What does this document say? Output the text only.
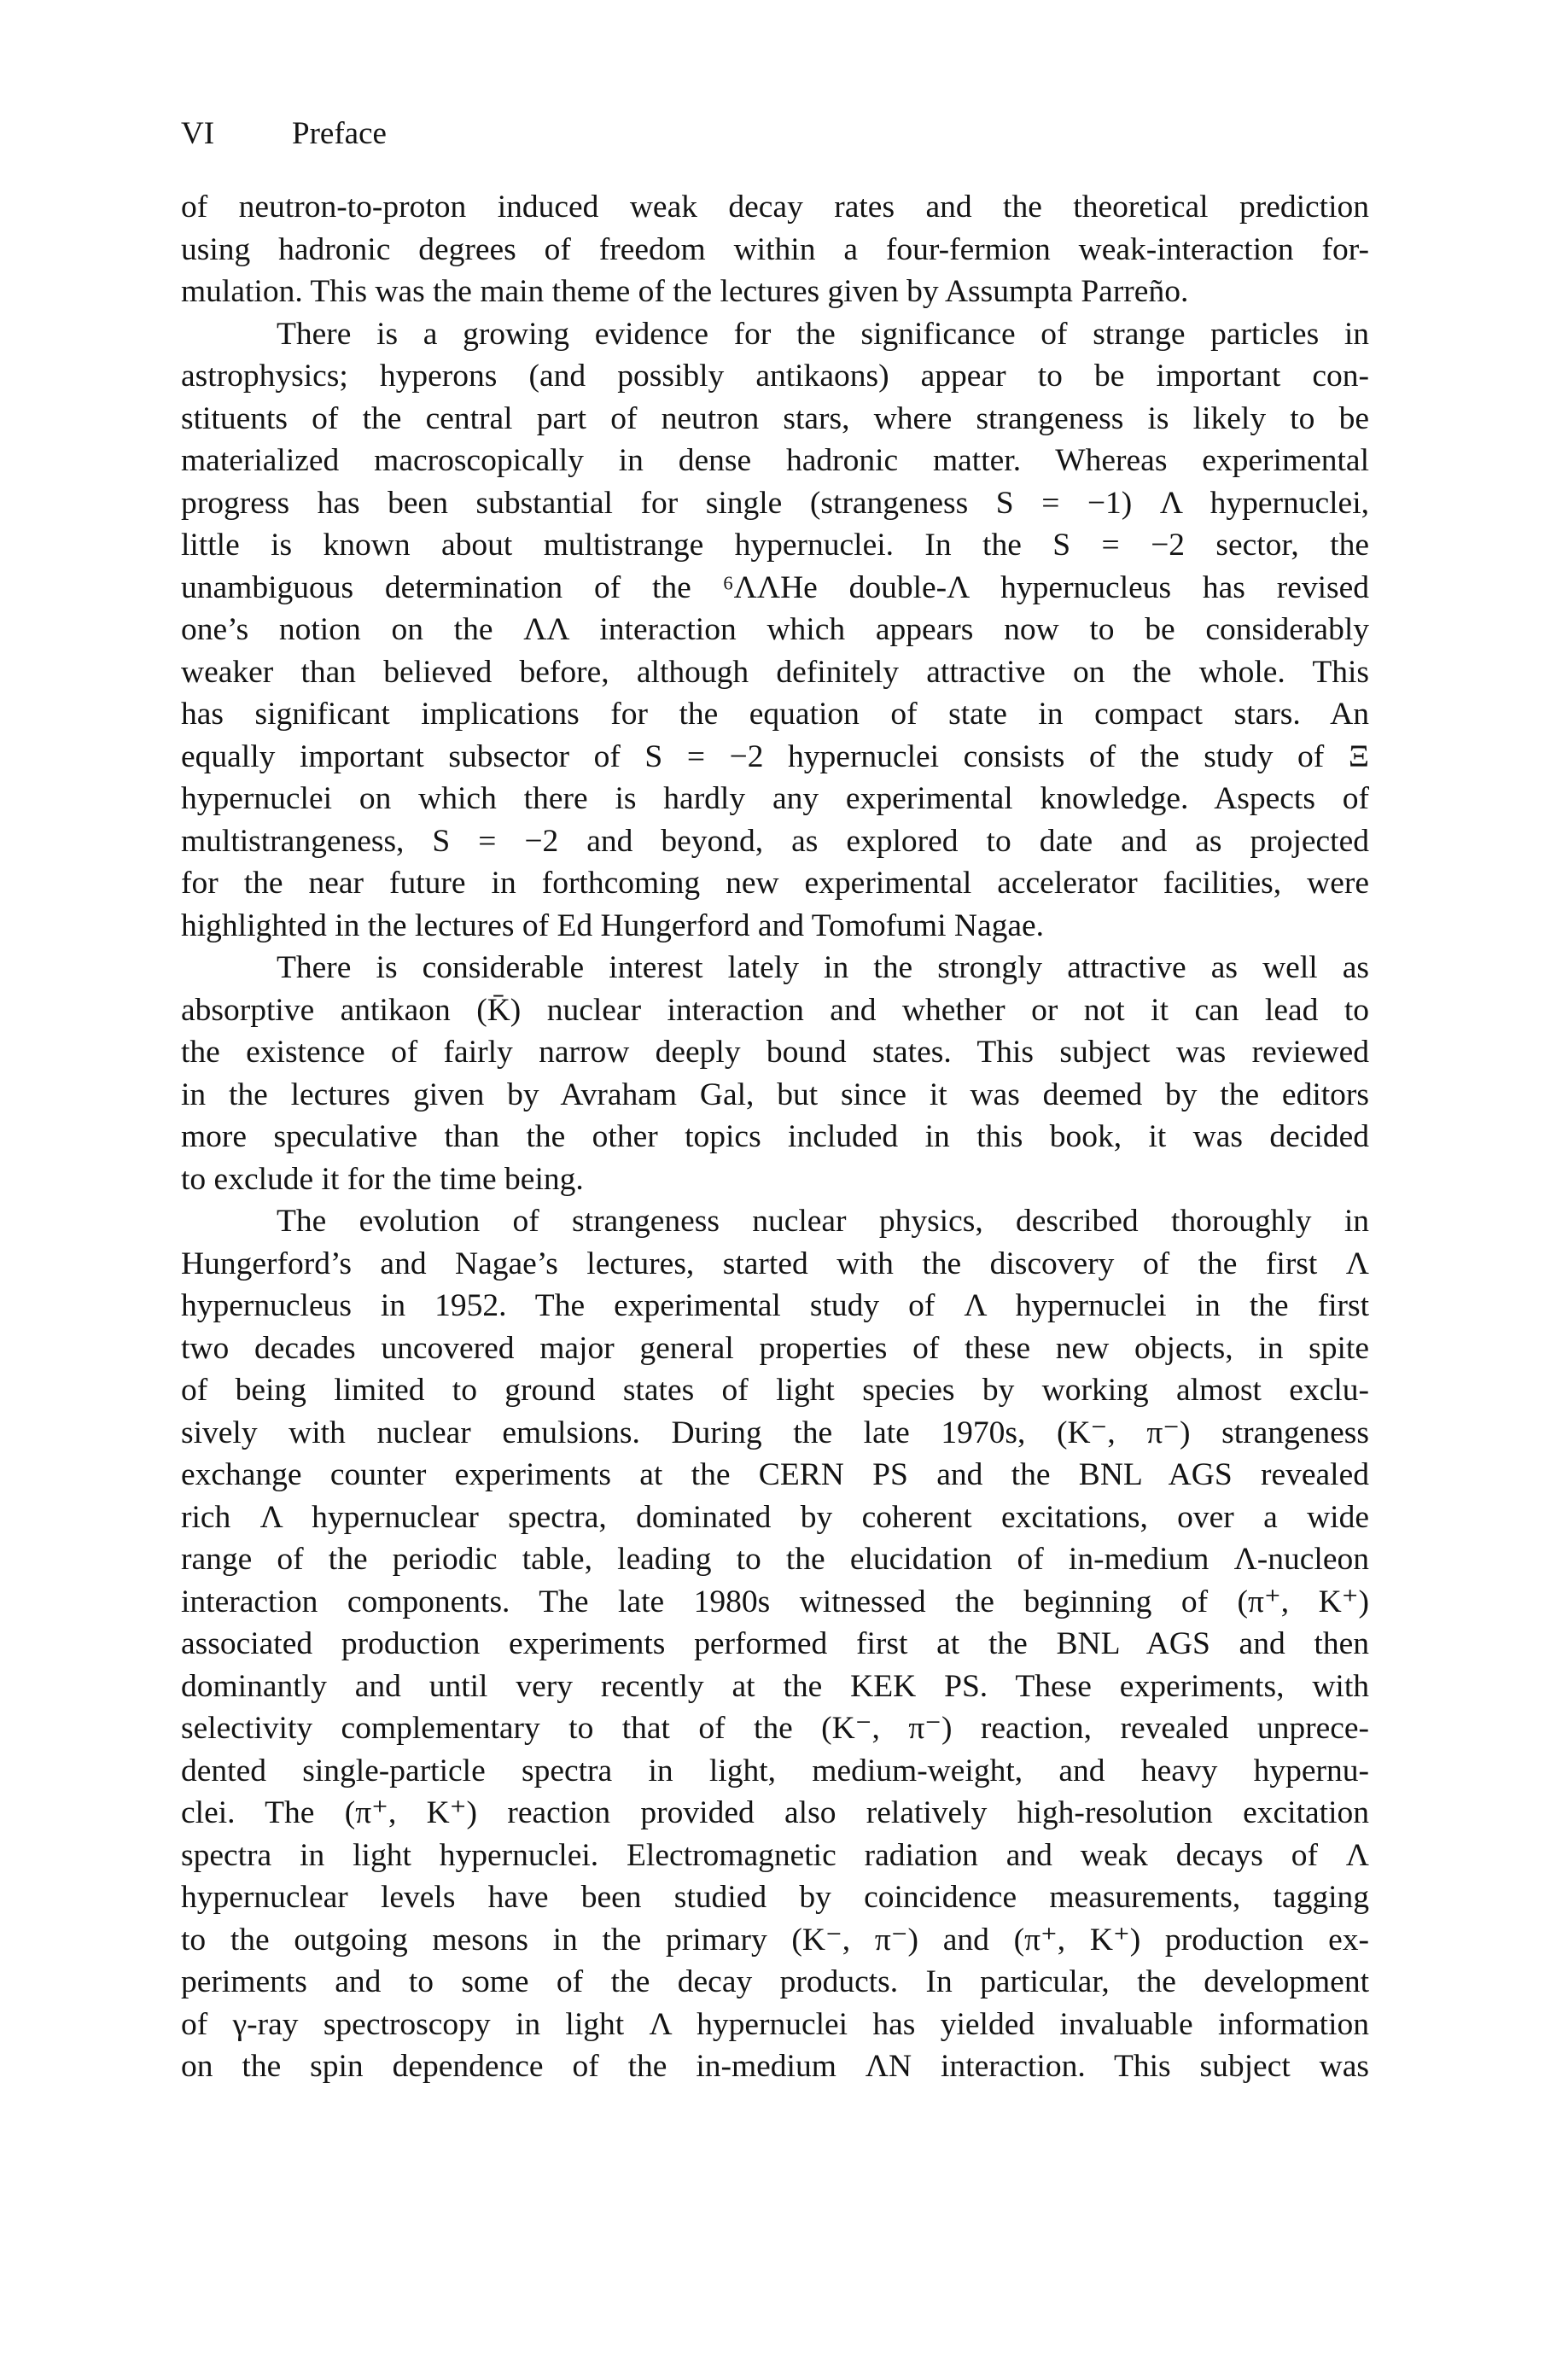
VI Preface
of neutron-to-proton induced weak decay rates and the theoretical prediction
using hadronic degrees of freedom within a four-fermion weak-interaction for-
mulation. This was the main theme of the lectures given by Assumpta Parreño.
There is a growing evidence for the significance of strange particles in
astrophysics; hyperons (and possibly antikaons) appear to be important con-
stituents of the central part of neutron stars, where strangeness is likely to be
materialized macroscopically in dense hadronic matter. Whereas experimental
progress has been substantial for single (strangeness S = −1) Λ hypernuclei,
little is known about multistrange hypernuclei. In the S = −2 sector, the
unambiguous determination of the ⁶ΛΛHe double-Λ hypernucleus has revised
one’s notion on the ΛΛ interaction which appears now to be considerably
weaker than believed before, although definitely attractive on the whole. This
has significant implications for the equation of state in compact stars. An
equally important subsector of S = −2 hypernuclei consists of the study of Ξ
hypernuclei on which there is hardly any experimental knowledge. Aspects of
multistrangeness, S = −2 and beyond, as explored to date and as projected
for the near future in forthcoming new experimental accelerator facilities, were
highlighted in the lectures of Ed Hungerford and Tomofumi Nagae.
There is considerable interest lately in the strongly attractive as well as
absorptive antikaon (K̄) nuclear interaction and whether or not it can lead to
the existence of fairly narrow deeply bound states. This subject was reviewed
in the lectures given by Avraham Gal, but since it was deemed by the editors
more speculative than the other topics included in this book, it was decided
to exclude it for the time being.
The evolution of strangeness nuclear physics, described thoroughly in
Hungerford’s and Nagae’s lectures, started with the discovery of the first Λ
hypernucleus in 1952. The experimental study of Λ hypernuclei in the first
two decades uncovered major general properties of these new objects, in spite
of being limited to ground states of light species by working almost exclu-
sively with nuclear emulsions. During the late 1970s, (K⁻, π⁻) strangeness
exchange counter experiments at the CERN PS and the BNL AGS revealed
rich Λ hypernuclear spectra, dominated by coherent excitations, over a wide
range of the periodic table, leading to the elucidation of in-medium Λ-nucleon
interaction components. The late 1980s witnessed the beginning of (π⁺, K⁺)
associated production experiments performed first at the BNL AGS and then
dominantly and until very recently at the KEK PS. These experiments, with
selectivity complementary to that of the (K⁻, π⁻) reaction, revealed unprece-
dented single-particle spectra in light, medium-weight, and heavy hypernu-
clei. The (π⁺, K⁺) reaction provided also relatively high-resolution excitation
spectra in light hypernuclei. Electromagnetic radiation and weak decays of Λ
hypernuclear levels have been studied by coincidence measurements, tagging
to the outgoing mesons in the primary (K⁻, π⁻) and (π⁺, K⁺) production ex-
periments and to some of the decay products. In particular, the development
of γ-ray spectroscopy in light Λ hypernuclei has yielded invaluable information
on the spin dependence of the in-medium ΛN interaction. This subject was
